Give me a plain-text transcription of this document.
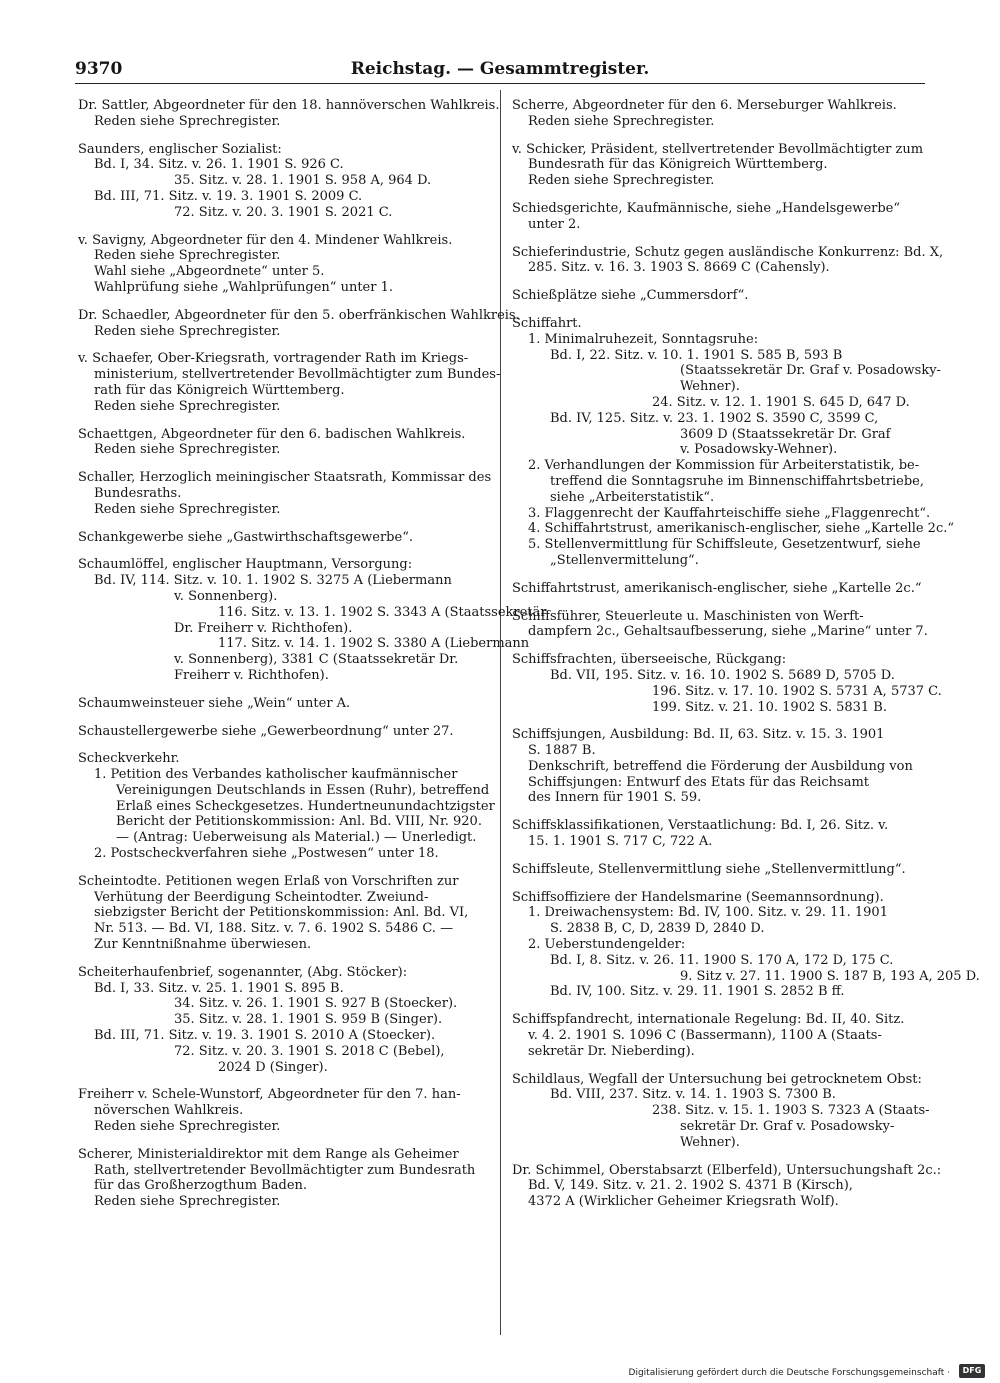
9370	Reichstag. — Gesammtregister.
Dr. Sattler, Abgeordneter für den 18. hannöverschen Wahlkreis.
Reden siehe Sprechregister.
Saunders, englischer Sozialist:
Bd. I, 34. Sitz. v. 26. 1. 1901 S. 926 C.
35. Sitz. v. 28. 1. 1901 S. 958 A, 964 D.
Bd. III, 71. Sitz. v. 19. 3. 1901 S. 2009 C.
72. Sitz. v. 20. 3. 1901 S. 2021 C.
v. Savigny, Abgeordneter für den 4. Mindener Wahlkreis.
Reden siehe Sprechregister.
Wahl siehe „Abgeordnete“ unter 5.
Wahlprüfung siehe „Wahlprüfungen“ unter 1.
Dr. Schaedler, Abgeordneter für den 5. oberfränkischen Wahlkreis.
Reden siehe Sprechregister.
v. Schaefer, Ober-Kriegsrath, vortragender Rath im Kriegs-
ministerium, stellvertretender Bevollmächtigter zum Bundes-
rath für das Königreich Württemberg.
Reden siehe Sprechregister.
Schaettgen, Abgeordneter für den 6. badischen Wahlkreis.
Reden siehe Sprechregister.
Schaller, Herzoglich meiningischer Staatsrath, Kommissar des
Bundesraths.
Reden siehe Sprechregister.
Schankgewerbe siehe „Gastwirthschaftsgewerbe“.
Schaumlöffel, englischer Hauptmann, Versorgung:
Bd. IV, 114. Sitz. v. 10. 1. 1902 S. 3275 A (Liebermann
v. Sonnenberg).
116. Sitz. v. 13. 1. 1902 S. 3343 A (Staatssekretär
Dr. Freiherr v. Richthofen).
117. Sitz. v. 14. 1. 1902 S. 3380 A (Liebermann
v. Sonnenberg), 3381 C (Staatssekretär Dr.
Freiherr v. Richthofen).
Schaumweinsteuer siehe „Wein“ unter A.
Schaustellergewerbe siehe „Gewerbeordnung“ unter 27.
Scheckverkehr.
1. Petition des Verbandes katholischer kaufmännischer
Vereinigungen Deutschlands in Essen (Ruhr), betreffend
Erlaß eines Scheckgesetzes. Hundertneunundachtzigster
Bericht der Petitionskommission: Anl. Bd. VIII, Nr. 920.
— (Antrag: Ueberweisung als Material.) — Unerledigt.
2. Postscheckverfahren siehe „Postwesen“ unter 18.
Scheintodte. Petitionen wegen Erlaß von Vorschriften zur
Verhütung der Beerdigung Scheintodter. Zweiund-
siebzigster Bericht der Petitionskommission: Anl. Bd. VI,
Nr. 513. — Bd. VI, 188. Sitz. v. 7. 6. 1902 S. 5486 C. —
Zur Kenntnißnahme überwiesen.
Scheiterhaufenbrief, sogenannter, (Abg. Stöcker):
Bd. I, 33. Sitz. v. 25. 1. 1901 S. 895 B.
34. Sitz. v. 26. 1. 1901 S. 927 B (Stoecker).
35. Sitz. v. 28. 1. 1901 S. 959 B (Singer).
Bd. III, 71. Sitz. v. 19. 3. 1901 S. 2010 A (Stoecker).
72. Sitz. v. 20. 3. 1901 S. 2018 C (Bebel),
2024 D (Singer).
Freiherr v. Schele-Wunstorf, Abgeordneter für den 7. han-
növerschen Wahlkreis.
Reden siehe Sprechregister.
Scherer, Ministerialdirektor mit dem Range als Geheimer
Rath, stellvertretender Bevollmächtigter zum Bundesrath
für das Großherzogthum Baden.
Reden siehe Sprechregister.
Scherre, Abgeordneter für den 6. Merseburger Wahlkreis.
Reden siehe Sprechregister.
v. Schicker, Präsident, stellvertretender Bevollmächtigter zum
Bundesrath für das Königreich Württemberg.
Reden siehe Sprechregister.
Schiedsgerichte, Kaufmännische, siehe „Handelsgewerbe“
unter 2.
Schieferindustrie, Schutz gegen ausländische Konkurrenz: Bd. X,
285. Sitz. v. 16. 3. 1903 S. 8669 C (Cahensly).
Schießplätze siehe „Cummersdorf“.
Schiffahrt.
1. Minimalruhezeit, Sonntagsruhe:
Bd. I, 22. Sitz. v. 10. 1. 1901 S. 585 B, 593 B
(Staatssekretär Dr. Graf v. Posadowsky-
Wehner).
24. Sitz. v. 12. 1. 1901 S. 645 D, 647 D.
Bd. IV, 125. Sitz. v. 23. 1. 1902 S. 3590 C, 3599 C,
3609 D (Staatssekretär Dr. Graf
v. Posadowsky-Wehner).
2. Verhandlungen der Kommission für Arbeiterstatistik, be-
treffend die Sonntagsruhe im Binnenschiffahrtsbetriebe,
siehe „Arbeiterstatistik“.
3. Flaggenrecht der Kauffahrteischiffe siehe „Flaggenrecht“.
4. Schiffahrtstrust, amerikanisch-englischer, siehe „Kartelle 2c.“
5. Stellenvermittlung für Schiffsleute, Gesetzentwurf, siehe
„Stellenvermittelung“.
Schiffahrtstrust, amerikanisch-englischer, siehe „Kartelle 2c.“
Schiffsführer, Steuerleute u. Maschinisten von Werft-
dampfern 2c., Gehaltsaufbesserung, siehe „Marine“ unter 7.
Schiffsfrachten, überseeische, Rückgang:
Bd. VII, 195. Sitz. v. 16. 10. 1902 S. 5689 D, 5705 D.
196. Sitz. v. 17. 10. 1902 S. 5731 A, 5737 C.
199. Sitz. v. 21. 10. 1902 S. 5831 B.
Schiffsjungen, Ausbildung: Bd. II, 63. Sitz. v. 15. 3. 1901
S. 1887 B.
Denkschrift, betreffend die Förderung der Ausbildung von
Schiffsjungen: Entwurf des Etats für das Reichsamt
des Innern für 1901 S. 59.
Schiffsklassifikationen, Verstaatlichung: Bd. I, 26. Sitz. v.
15. 1. 1901 S. 717 C, 722 A.
Schiffsleute, Stellenvermittlung siehe „Stellenvermittlung“.
Schiffsoffiziere der Handelsmarine (Seemannsordnung).
1. Dreiwachensystem: Bd. IV, 100. Sitz. v. 29. 11. 1901
S. 2838 B, C, D, 2839 D, 2840 D.
2. Ueberstundengelder:
Bd. I, 8. Sitz. v. 26. 11. 1900 S. 170 A, 172 D, 175 C.
9. Sitz v. 27. 11. 1900 S. 187 B, 193 A, 205 D.
Bd. IV, 100. Sitz. v. 29. 11. 1901 S. 2852 B ff.
Schiffspfandrecht, internationale Regelung: Bd. II, 40. Sitz.
v. 4. 2. 1901 S. 1096 C (Bassermann), 1100 A (Staats-
sekretär Dr. Nieberding).
Schildlaus, Wegfall der Untersuchung bei getrocknetem Obst:
Bd. VIII, 237. Sitz. v. 14. 1. 1903 S. 7300 B.
238. Sitz. v. 15. 1. 1903 S. 7323 A (Staats-
sekretär Dr. Graf v. Posadowsky-
Wehner).
Dr. Schimmel, Oberstabsarzt (Elberfeld), Untersuchungshaft 2c.:
Bd. V, 149. Sitz. v. 21. 2. 1902 S. 4371 B (Kirsch),
4372 A (Wirklicher Geheimer Kriegsrath Wolf).
Digitalisierung gefördert durch die Deutsche Forschungsgemeinschaft ·	DFG
